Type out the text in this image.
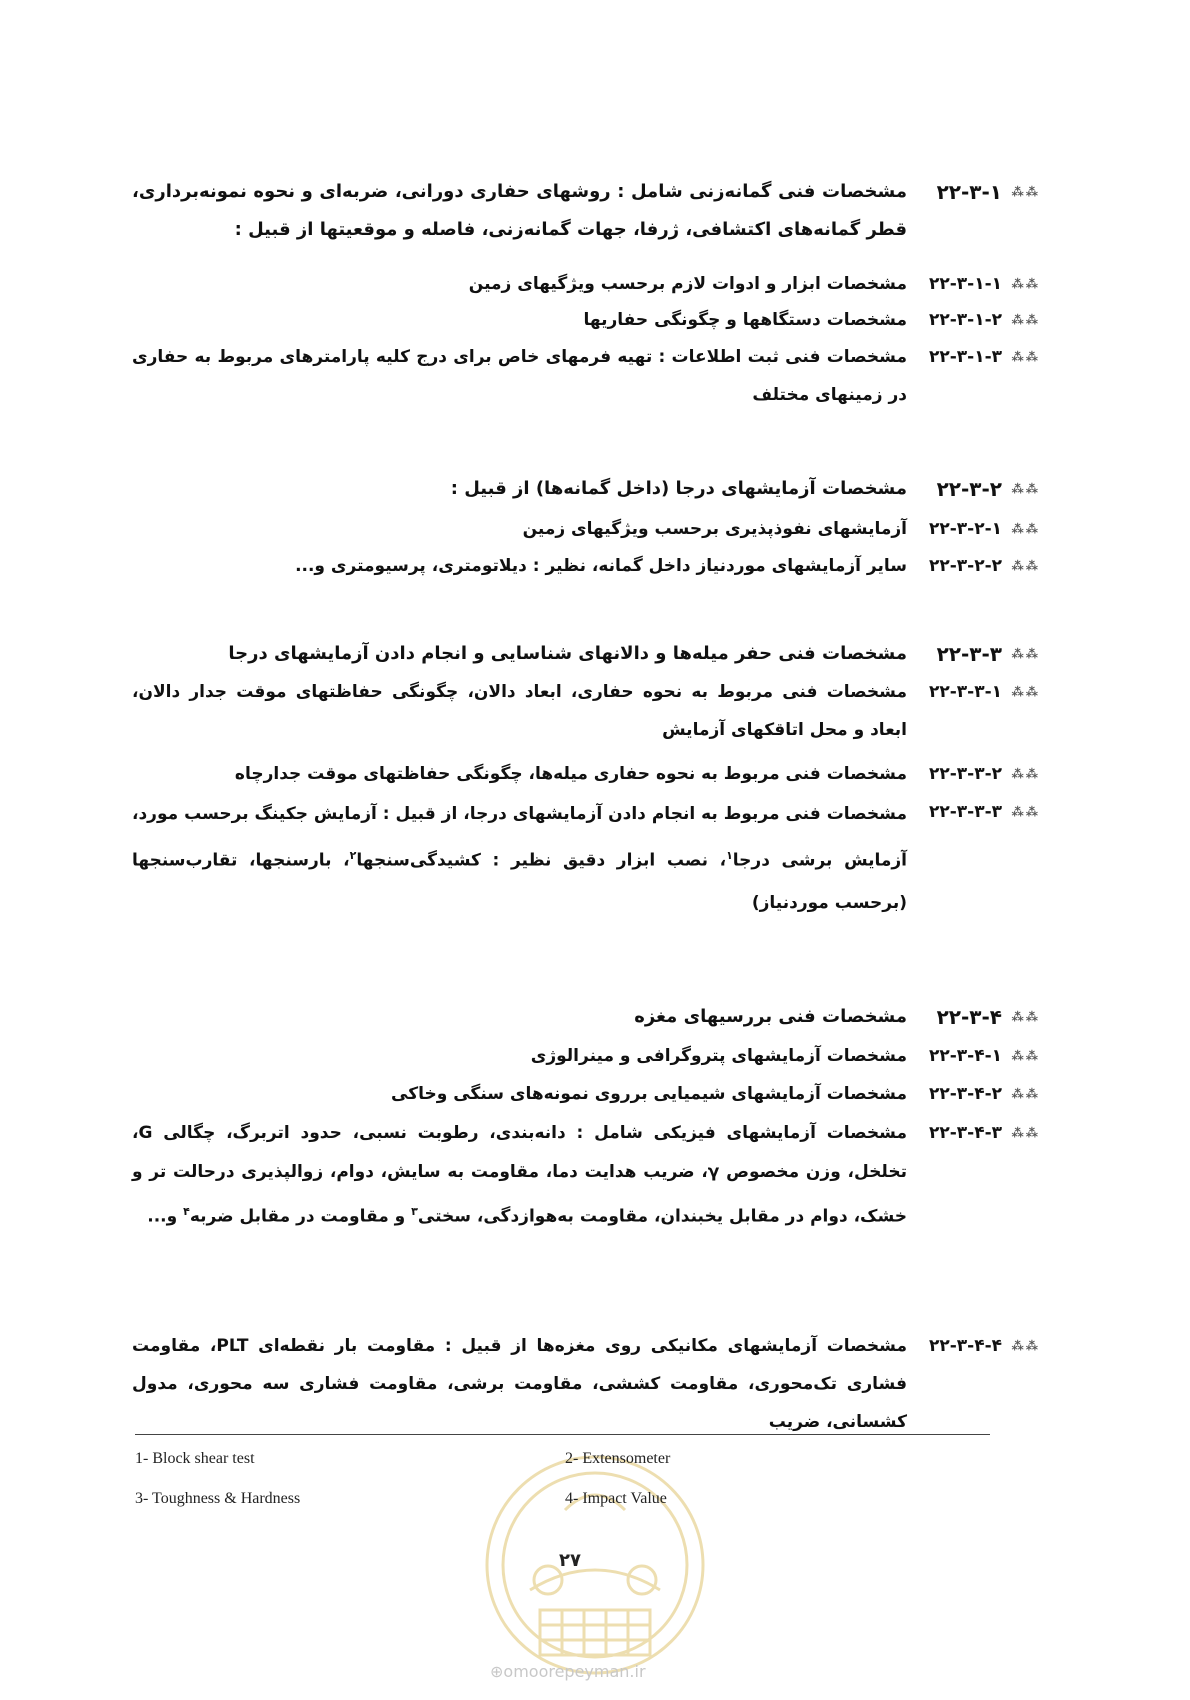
⁂⁂
۲۲-۳-۱
مشخصات فنی گمانه‌زنی شامل : روشهای حفاری دورانی، ضربه‌ای و نحوه نمونه‌برداری، قطر گمانه‌های اکتشافی، ژرفا، جهات گمانه‌زنی، فاصله و موقعیتها از قبیل :
⁂⁂
۲۲-۳-۱-۱
مشخصات ابزار و ادوات لازم برحسب ویژگیهای زمین
⁂⁂
۲۲-۳-۱-۲
مشخصات دستگاهها و چگونگی حفاریها
⁂⁂
۲۲-۳-۱-۳
مشخصات فنی ثبت اطلاعات : تهیه فرمهای خاص برای درج کلیه پارامترهای مربوط به حفاری در زمینهای مختلف
⁂⁂
۲۲-۳-۲
مشخصات آزمایشهای درجا (داخل گمانه‌ها) از قبیل :
⁂⁂
۲۲-۳-۲-۱
آزمایشهای نفوذپذیری برحسب ویژگیهای زمین
⁂⁂
۲۲-۳-۲-۲
سایر آزمایشهای موردنیاز داخل گمانه، نظیر : دیلاتومتری، پرسیومتری و...
⁂⁂
۲۲-۳-۳
مشخصات فنی حفر میله‌ها و دالانهای شناسایی و انجام دادن آزمایشهای درجا
⁂⁂
۲۲-۳-۳-۱
مشخصات فنی مربوط به نحوه حفاری، ابعاد دالان، چگونگی حفاظتهای موقت جدار دالان، ابعاد و محل اتاقکهای آزمایش
⁂⁂
۲۲-۳-۳-۲
مشخصات فنی مربوط به نحوه حفاری میله‌ها، چگونگی حفاظتهای موقت جدارچاه
⁂⁂
۲۲-۳-۳-۳
مشخصات فنی مربوط به انجام دادن آزمایشهای درجا، از قبیل : آزمایش جکینگ برحسب مورد، آزمایش برشی درجا$^۱$، نصب ابزار دقیق نظیر : کشیدگی‌سنجها$^۲$، بارسنجها، تقارب‌سنجها (برحسب موردنیاز)
⁂⁂
۲۲-۳-۴
مشخصات فنی بررسیهای مغزه
⁂⁂
۲۲-۳-۴-۱
مشخصات آزمایشهای پتروگرافی و مینرالوژی
⁂⁂
۲۲-۳-۴-۲
مشخصات آزمایشهای شیمیایی برروی نمونه‌های سنگی وخاکی
⁂⁂
۲۲-۳-۴-۳
مشخصات آزمایشهای فیزیکی شامل : دانه‌بندی، رطوبت نسبی، حدود اتربرگ، چگالی G، تخلخل، وزن مخصوص γ، ضریب هدایت دما، مقاومت به سایش، دوام، زوالپذیری درحالت تر و خشک، دوام در مقابل یخبندان، مقاومت به‌هوازدگی، سختی$^۳$ و مقاومت در مقابل ضربه$^۴$ و...
⁂⁂
۲۲-۳-۴-۴
مشخصات آزمایشهای مکانیکی روی مغزه‌ها از قبیل : مقاومت بار نقطه‌ای PLT، مقاومت فشاری تک‌محوری، مقاومت کششی، مقاومت برشی، مقاومت فشاری سه محوری، مدول کشسانی، ضریب
⊕omoorepeyman.ir
1- Block shear test	2- Extensometer
3- Toughness & Hardness	4- Impact Value
۲۷
